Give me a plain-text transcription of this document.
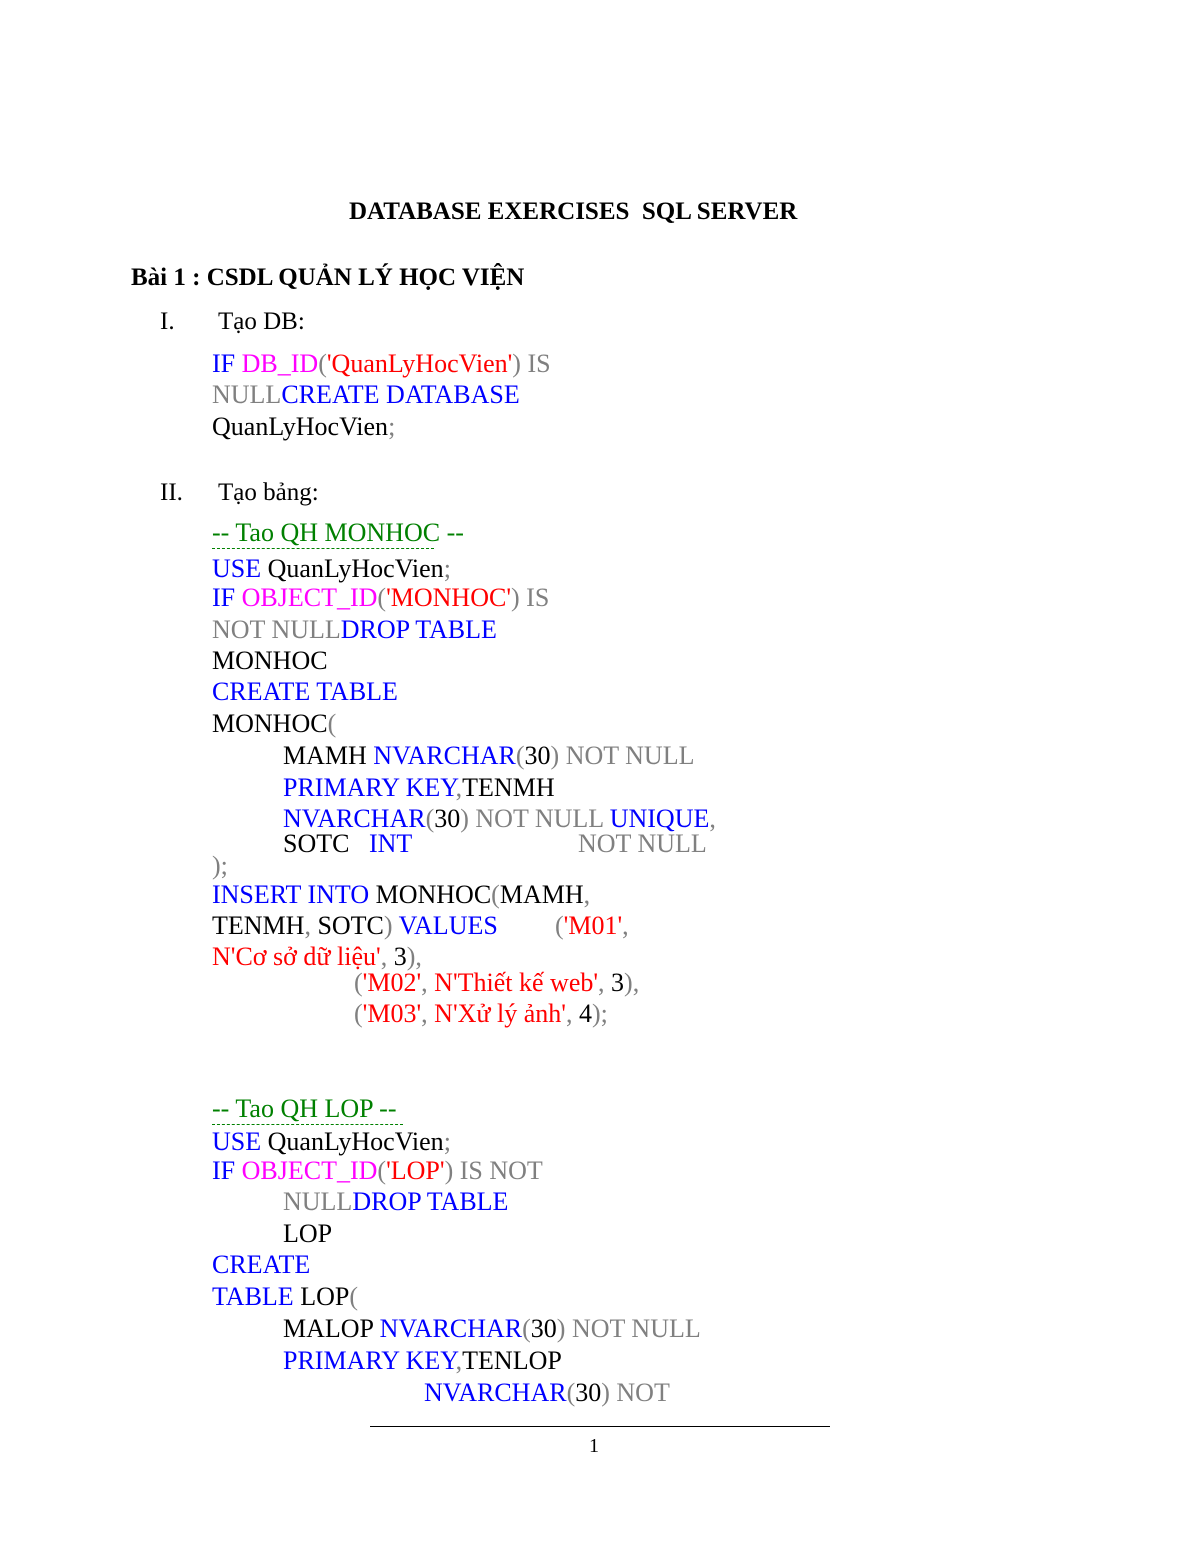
DATABASE EXERCISES  SQL SERVER
Bài 1 : CSDL QUẢN LÝ HỌC VIỆN
I. Tạo DB:
II. Tạo bảng:
IF DB_ID('QuanLyHocVien') IS
NULLCREATE DATABASE
QuanLyHocVien;
-- Tao QH MONHOC --
USE QuanLyHocVien;
IF OBJECT_ID('MONHOC') IS
NOT NULLDROP TABLE
MONHOC
CREATE TABLE
MONHOC(
MAMH NVARCHAR(30) NOT NULL
PRIMARY KEY,TENMH
NVARCHAR(30) NOT NULL UNIQUE,
SOTC   INT	NOT NULL
);
INSERT INTO MONHOC(MAMH,
TENMH, SOTC) VALUES ('M01',
N'Cơ sở dữ liệu', 3),
('M02', N'Thiết kế web', 3),
('M03', N'Xử lý ảnh', 4);
-- Tao QH LOP --
USE QuanLyHocVien;
IF OBJECT_ID('LOP') IS NOT
NULLDROP TABLE
LOP
CREATE
TABLE LOP(
MALOP NVARCHAR(30) NOT NULL
PRIMARY KEY,TENLOP
NVARCHAR(30) NOT
1
